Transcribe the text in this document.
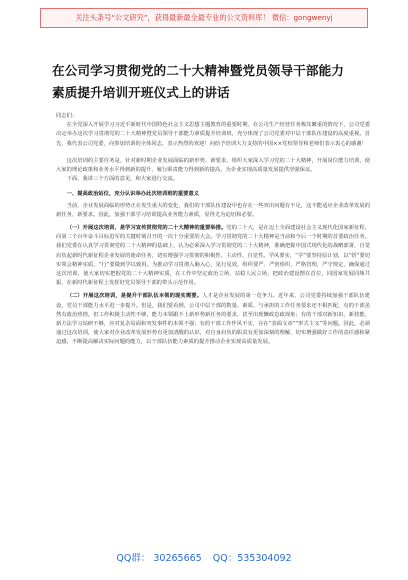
关注头条号“公文研究”，获得最新最全最专业的公文资料库！ 微信：gongwenyj
在公司学习贯彻党的二十大精神暨党员领导干部能力
素质提升培训开班仪式上的讲话

同志们：

在全党深入开展学习习近平新时代中国特色社会主义思想主题教育的重要时期，在公司生产经营任务极其繁重的情况下，公司党委决定举办这次学习贯彻党的二十大精神暨党员领导干部能力素质提升培训班，充分体现了公司党委对中层干部队伍建设的高度重视。首先，我代表公司党委，向参加培训的全体同志，表示热烈的欢迎！向给予培训大力支持的中国××党校领导和老师们表示衷心的感谢！

这次培训的主要任务是，针对新时期企业发展面临的新形势、新要求，组织大家深入学习党的二十大精神，开展岗位能力培训，使大家的理论政策和业务水平得到新的提升、履行职责能力得到新的提高，为企业实现高质量发展提供坚强保证。

下面，我讲三个方面的意见，和大家进行交流。

一、提高政治站位，充分认识举办此次培训班的重要意义

当前，企业发展面临的形势正在发生重大的变化，我们的干部队伍建设中也存在一些突出问题有不足，这不能适应企业改革发展的新任务、新要求。因此，加强干部学习培训提高业务能力素质，显得尤为迫切和必要。

（一）开展这次培训，是学习宣传贯彻党的二十大精神的重要举措。党的二十大，是在迈上全面建设社会主义现代化国家新征程，向第二个百年奋斗目标进军的关键时刻召开的一次十分重要的大会。学习贯彻党的二十大精神是当前和今后一个时期的首要政治任务。我们党委在认真学习贯彻党的二十大精神的基础上，认为必须深入学习贯彻党的二十大精神，准确把握中国式现代化的战略部署，自觉肩负起新时代新征程企业发展的使命任务，切实增强学习贯彻的积极性、主动性、自觉性。学风要实，“学”要坚持原计划，以“悟”要切实领会精神实质，“行”要做到学以致用。为推动学习贯彻入脑入心，见行见效，组织要严、严密组织，严格管理，严守规定，确保通过这次培训，使大家切实把握党的二十大精神实质，在工作中坚定政治立场、站稳人民立场，把政治建设摆在首位，同国家发展同频共振，在新时代新征程上发挥好党员领导干部的带头示范作用。

（二）开展这次培训，是提升干部队伍本领的现实需要。人才是企业发展的第一竞争力。近年来，公司党委持续加强干部队伍建设，党员干部能力水平进一步提升。但是，我们要看到，公司中层干部的数量、素质、与承担的工作任务要求还不相匹配，有的干部虽然有政治热情，但工作积极主动性不够，能力本领跟不上新形势新任务的要求，甚至出现懒政怠政现象；有的干部对新知识、新技能、新方法学习钻研不够，应对复杂局面和突发事件的本领不强；有的干部工作作风不实，存在“表面文章”“形式主义”等问题。因此，必须通过这次培训，使大家对企业改革发展形势有更加清醒的认识，对自身肩负的职责有更加深刻的理解，切实增强做好工作的责任感和紧迫感，不断提高解决实际问题的能力，以干部队伍能力素质的提升推动企业实现高质量发展。

QQ群： 30265665 QQ：535304092
